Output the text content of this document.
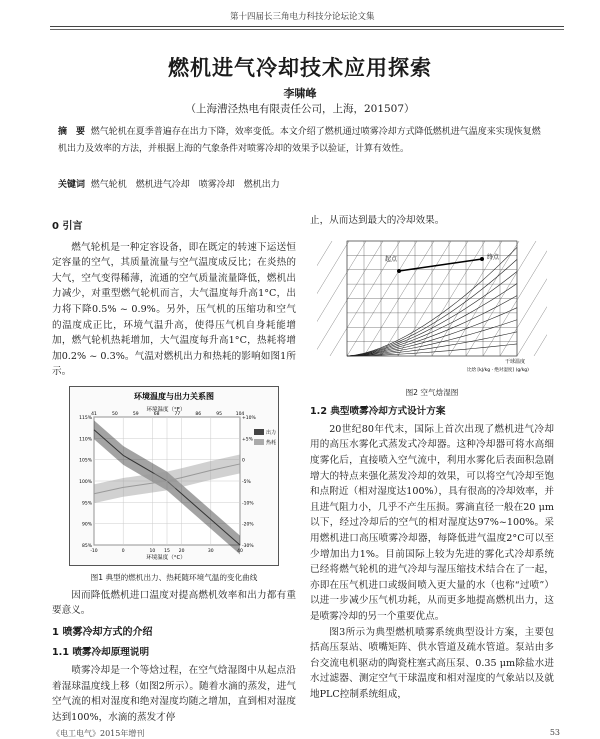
第十四届长三角电力科技分论坛论文集
燃机进气冷却技术应用探索
李啸峰
（上海漕泾热电有限责任公司，上海，201507）
摘　要 燃气轮机在夏季普遍存在出力下降，效率变低。本文介绍了燃机通过喷雾冷却方式降低燃机进气温度来实现恢复燃机出力及效率的方法，并根据上海的气象条件对喷雾冷却的效果予以验证，计算有效性。
关键词 燃气轮机　燃机进气冷却　喷雾冷却　燃机出力
0 引言

燃气轮机是一种定容设备，即在既定的转速下运送恒定容量的空气，其质量流量与空气温度成反比；在炎热的大气，空气变得稀薄，流通的空气质量流量降低，燃机出力减少，对重型燃气轮机而言，大气温度每升高1°C，出力将下降0.5% ~ 0.9%。另外，压气机的压缩功和空气的温度成正比，环境气温升高，使得压气机自身耗能增加，燃气轮机热耗增加，大气温度每升高1°C，热耗将增加0.2% ~ 0.3%。气温对燃机出力和热耗的影响如图1所示。

环境温度与出力关系图
环境温度（°F）
环境温度（°C）
115%	+10%
110%	+5%
105%	0
100%	-5%
95%	-10%
90%	-20%
85%	-30%
-10	0	10 15 20	30	40
41	50	59	68	77	86	95	104
出力
热耗
图1 典型的燃机出力、热耗随环境气温的变化曲线

因而降低燃机进口温度对提高燃机效率和出力都有重要意义。

1 喷雾冷却方式的介绍
1.1 喷雾冷却原理说明

喷雾冷却是一个等焓过程，在空气焓湿图中从起点沿着湿球温度线上移（如图2所示）。随着水滴的蒸发，进气空气流的相对湿度和绝对湿度均随之增加，直到相对湿度达到100%，水滴的蒸发才停

止，从而达到最大的冷却效果。

起点	终点
干球温度
比焓 [kJ/kg · 绝对湿度] (g/kg)
图2 空气焓湿图
1.2 典型喷雾冷却方式设计方案

20世纪80年代末，国际上首次出现了燃机进气冷却用的高压水雾化式蒸发式冷却器。这种冷却器可将水高细度雾化后，直接喷入空气流中，利用水雾化后表面积急剧增大的特点来强化蒸发冷却的效果，可以将空气冷却至饱和点附近（相对湿度达100%），具有很高的冷却效率，并且进气阻力小，几乎不产生压损。雾滴直径一般在20 μm以下，经过冷却后的空气的相对湿度达97%~100%。采用燃机进口高压喷雾冷却器，每降低进气温度2°C可以至少增加出力1%。目前国际上较为先进的雾化式冷却系统已经将燃气轮机的进气冷却与湿压缩技术结合在了一起，亦即在压气机进口或级间喷入更大量的水（也称“过喷”）以进一步减少压气机功耗，从而更多地提高燃机出力，这是喷雾冷却的另一个重要优点。

图3所示为典型燃机喷雾系统典型设计方案，主要包括高压泵站、喷嘴矩阵、供水管道及疏水管道。泵站由多台交流电机驱动的陶瓷柱塞式高压泵、0.35 μm除盐水进水过滤器、测定空气干球温度和相对湿度的气象站以及就地PLC控制系统组成，

《电工电气》2015年增刊	53
